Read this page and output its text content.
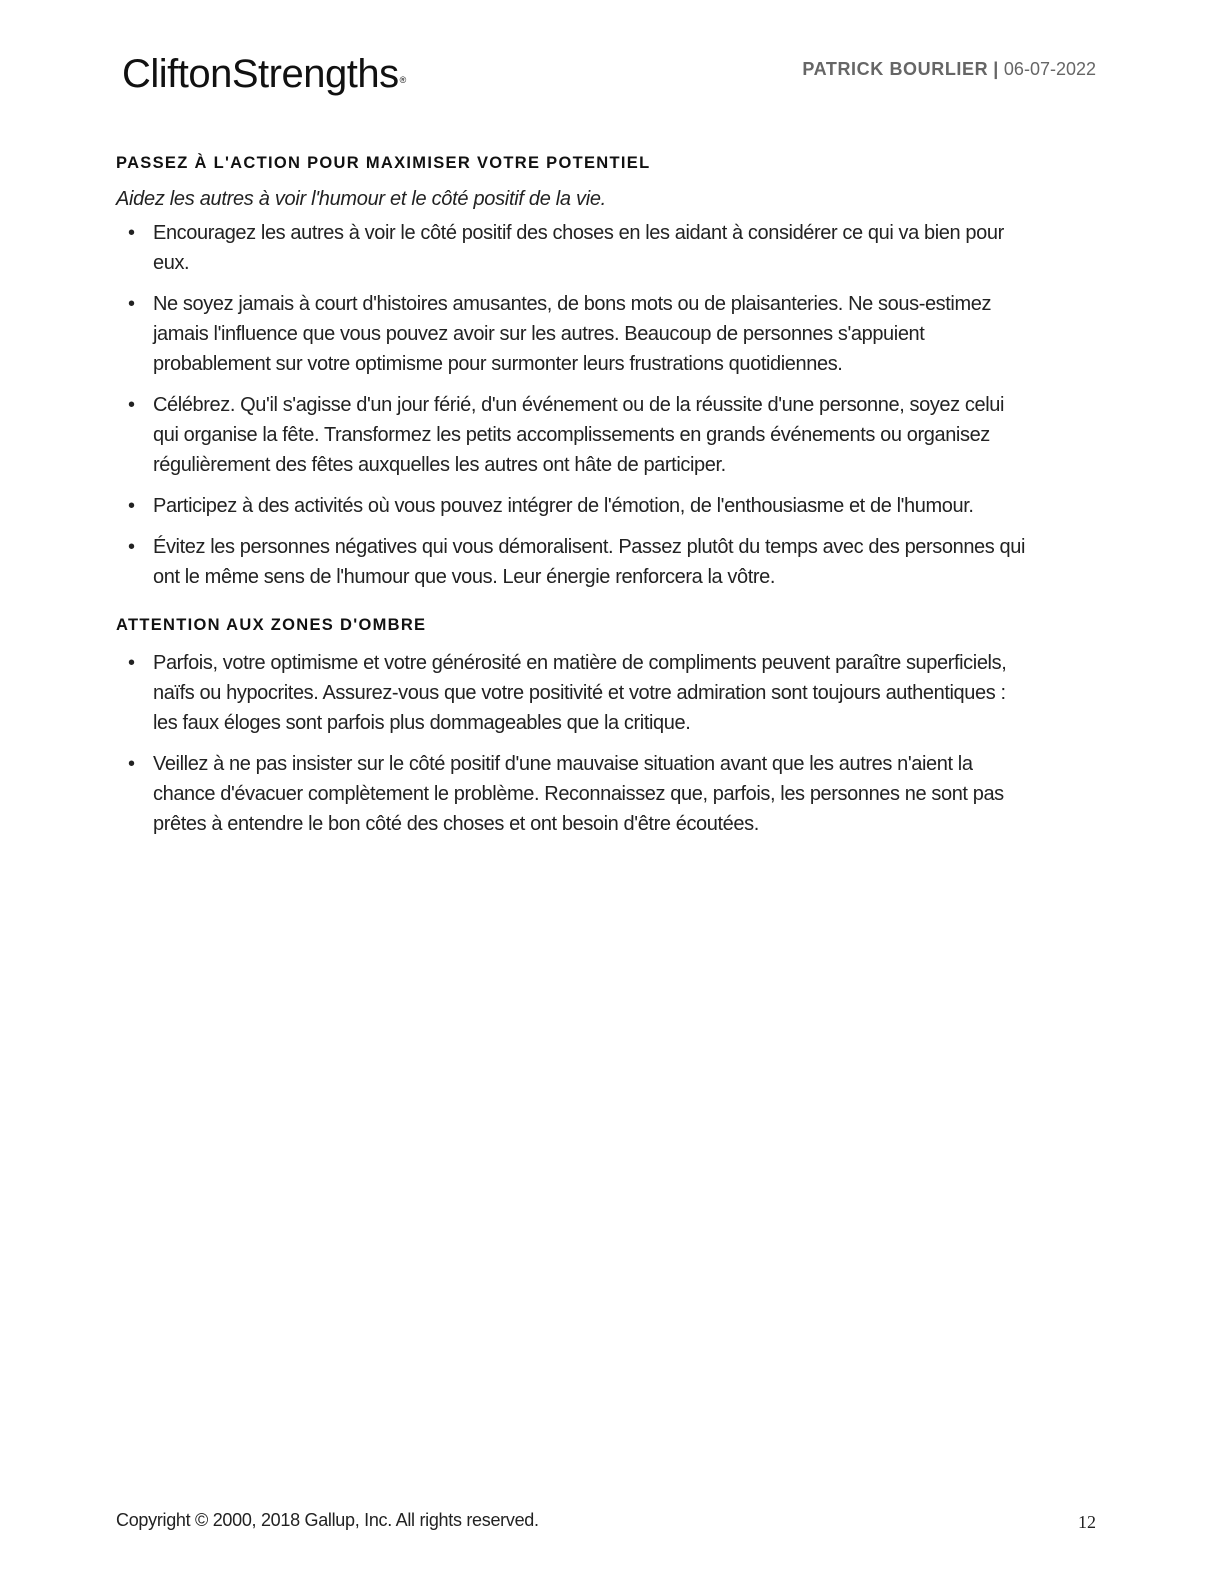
CliftonStrengths®
PATRICK BOURLIER | 06-07-2022
PASSEZ À L'ACTION POUR MAXIMISER VOTRE POTENTIEL

Aidez les autres à voir l'humour et le côté positif de la vie.

• Encouragez les autres à voir le côté positif des choses en les aidant à considérer ce qui va bien pour eux.
• Ne soyez jamais à court d'histoires amusantes, de bons mots ou de plaisanteries. Ne sous-estimez jamais l'influence que vous pouvez avoir sur les autres. Beaucoup de personnes s'appuient probablement sur votre optimisme pour surmonter leurs frustrations quotidiennes.
• Célébrez. Qu'il s'agisse d'un jour férié, d'un événement ou de la réussite d'une personne, soyez celui qui organise la fête. Transformez les petits accomplissements en grands événements ou organisez régulièrement des fêtes auxquelles les autres ont hâte de participer.
• Participez à des activités où vous pouvez intégrer de l'émotion, de l'enthousiasme et de l'humour.
• Évitez les personnes négatives qui vous démoralisent. Passez plutôt du temps avec des personnes qui ont le même sens de l'humour que vous. Leur énergie renforcera la vôtre.
ATTENTION AUX ZONES D'OMBRE
• Parfois, votre optimisme et votre générosité en matière de compliments peuvent paraître superficiels, naïfs ou hypocrites. Assurez-vous que votre positivité et votre admiration sont toujours authentiques : les faux éloges sont parfois plus dommageables que la critique.
• Veillez à ne pas insister sur le côté positif d'une mauvaise situation avant que les autres n'aient la chance d'évacuer complètement le problème. Reconnaissez que, parfois, les personnes ne sont pas prêtes à entendre le bon côté des choses et ont besoin d'être écoutées.
Copyright © 2000, 2018 Gallup, Inc. All rights reserved.	12
